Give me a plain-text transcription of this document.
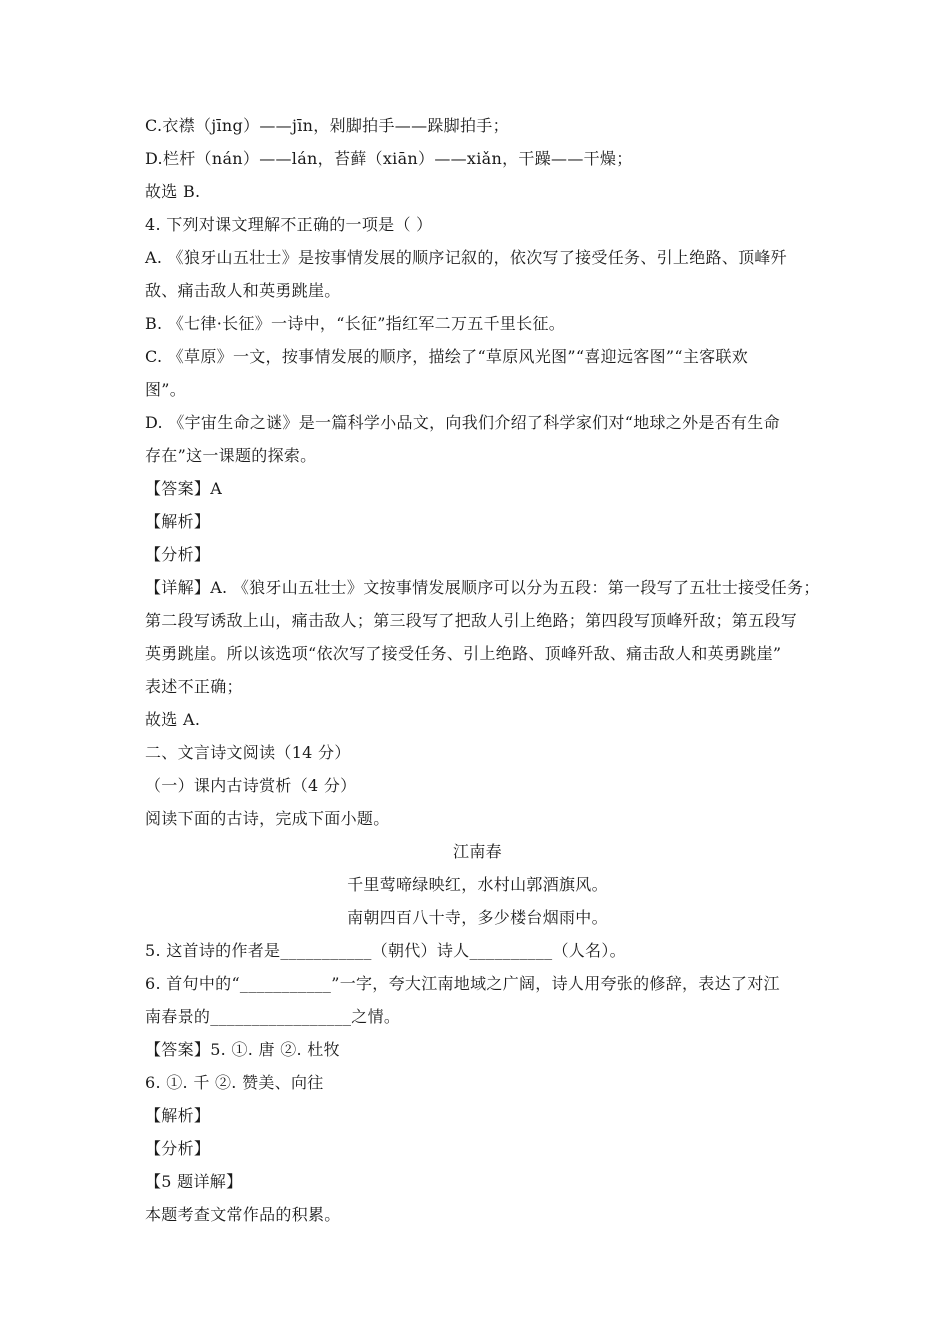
C.衣襟（jīng）——jīn，剁脚拍手——跺脚拍手；
D.栏杆（nán）——lán，苔藓（xiān）——xiǎn，干躁——干燥；
故选 B.
4. 下列对课文理解不正确的一项是（ ）
A. 《狼牙山五壮士》是按事情发展的顺序记叙的，依次写了接受任务、引上绝路、顶峰歼
敌、痛击敌人和英勇跳崖。
B. 《七律·长征》一诗中，“长征”指红军二万五千里长征。
C. 《草原》一文，按事情发展的顺序，描绘了“草原风光图”“喜迎远客图”“主客联欢
图”。
D. 《宇宙生命之谜》是一篇科学小品文，向我们介绍了科学家们对“地球之外是否有生命
存在”这一课题的探索。
【答案】A
【解析】
【分析】
【详解】A. 《狼牙山五壮士》文按事情发展顺序可以分为五段：第一段写了五壮士接受任务；
第二段写诱敌上山，痛击敌人；第三段写了把敌人引上绝路；第四段写顶峰歼敌；第五段写
英勇跳崖。所以该选项“依次写了接受任务、引上绝路、顶峰歼敌、痛击敌人和英勇跳崖”
表述不正确；
故选 A.
二、文言诗文阅读（14 分）
（一）课内古诗赏析（4 分）
阅读下面的古诗，完成下面小题。
江南春
千里莺啼绿映红，水村山郭酒旗风。
南朝四百八十寺，多少楼台烟雨中。
5. 这首诗的作者是___________（朝代）诗人__________（人名）。
6. 首句中的“___________”一字，夸大江南地域之广阔，诗人用夸张的修辞，表达了对江
南春景的_________________之情。
【答案】5. ①. 唐 ②. 杜牧
6. ①. 千 ②. 赞美、向往
【解析】
【分析】
【5 题详解】
本题考查文常作品的积累。
